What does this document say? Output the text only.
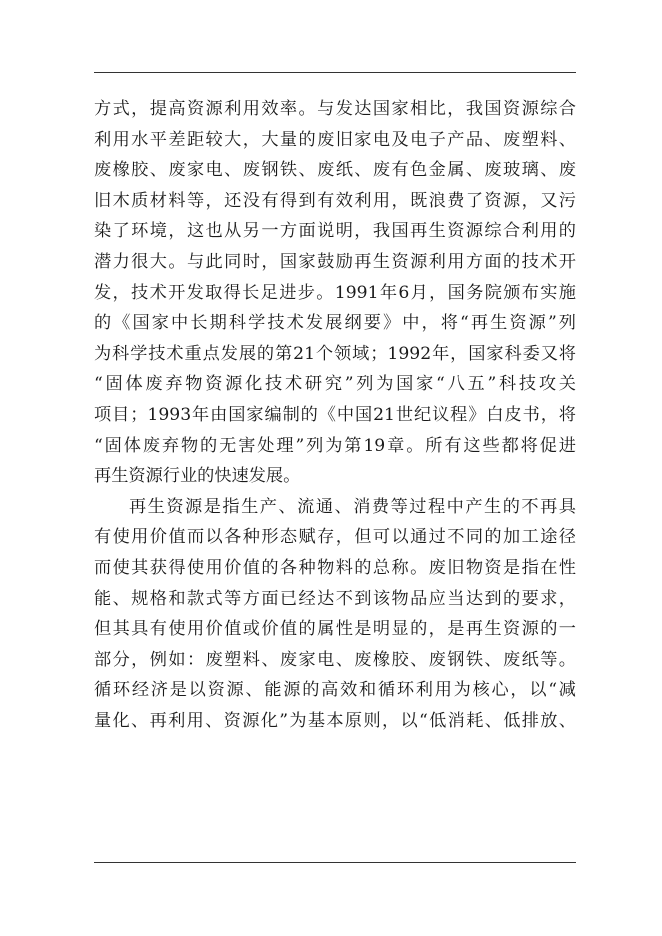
方式，提高资源利用效率。与发达国家相比，我国资源综合
利用水平差距较大，大量的废旧家电及电子产品、废塑料、
废橡胶、废家电、废钢铁、废纸、废有色金属、废玻璃、废
旧木质材料等，还没有得到有效利用，既浪费了资源，又污
染了环境，这也从另一方面说明，我国再生资源综合利用的
潜力很大。与此同时，国家鼓励再生资源利用方面的技术开
发，技术开发取得长足进步。1991年6月，国务院颁布实施
的《国家中长期科学技术发展纲要》中，将“再生资源”列
为科学技术重点发展的第21个领域；1992年，国家科委又将
“固体废弃物资源化技术研究”列为国家“八五”科技攻关
项目；1993年由国家编制的《中国21世纪议程》白皮书，将
“固体废弃物的无害处理”列为第19章。所有这些都将促进
再生资源行业的快速发展。
再生资源是指生产、流通、消费等过程中产生的不再具
有使用价值而以各种形态赋存，但可以通过不同的加工途径
而使其获得使用价值的各种物料的总称。废旧物资是指在性
能、规格和款式等方面已经达不到该物品应当达到的要求，
但其具有使用价值或价值的属性是明显的，是再生资源的一
部分，例如：废塑料、废家电、废橡胶、废钢铁、废纸等。
循环经济是以资源、能源的高效和循环利用为核心，以“减
量化、再利用、资源化”为基本原则，以“低消耗、低排放、
